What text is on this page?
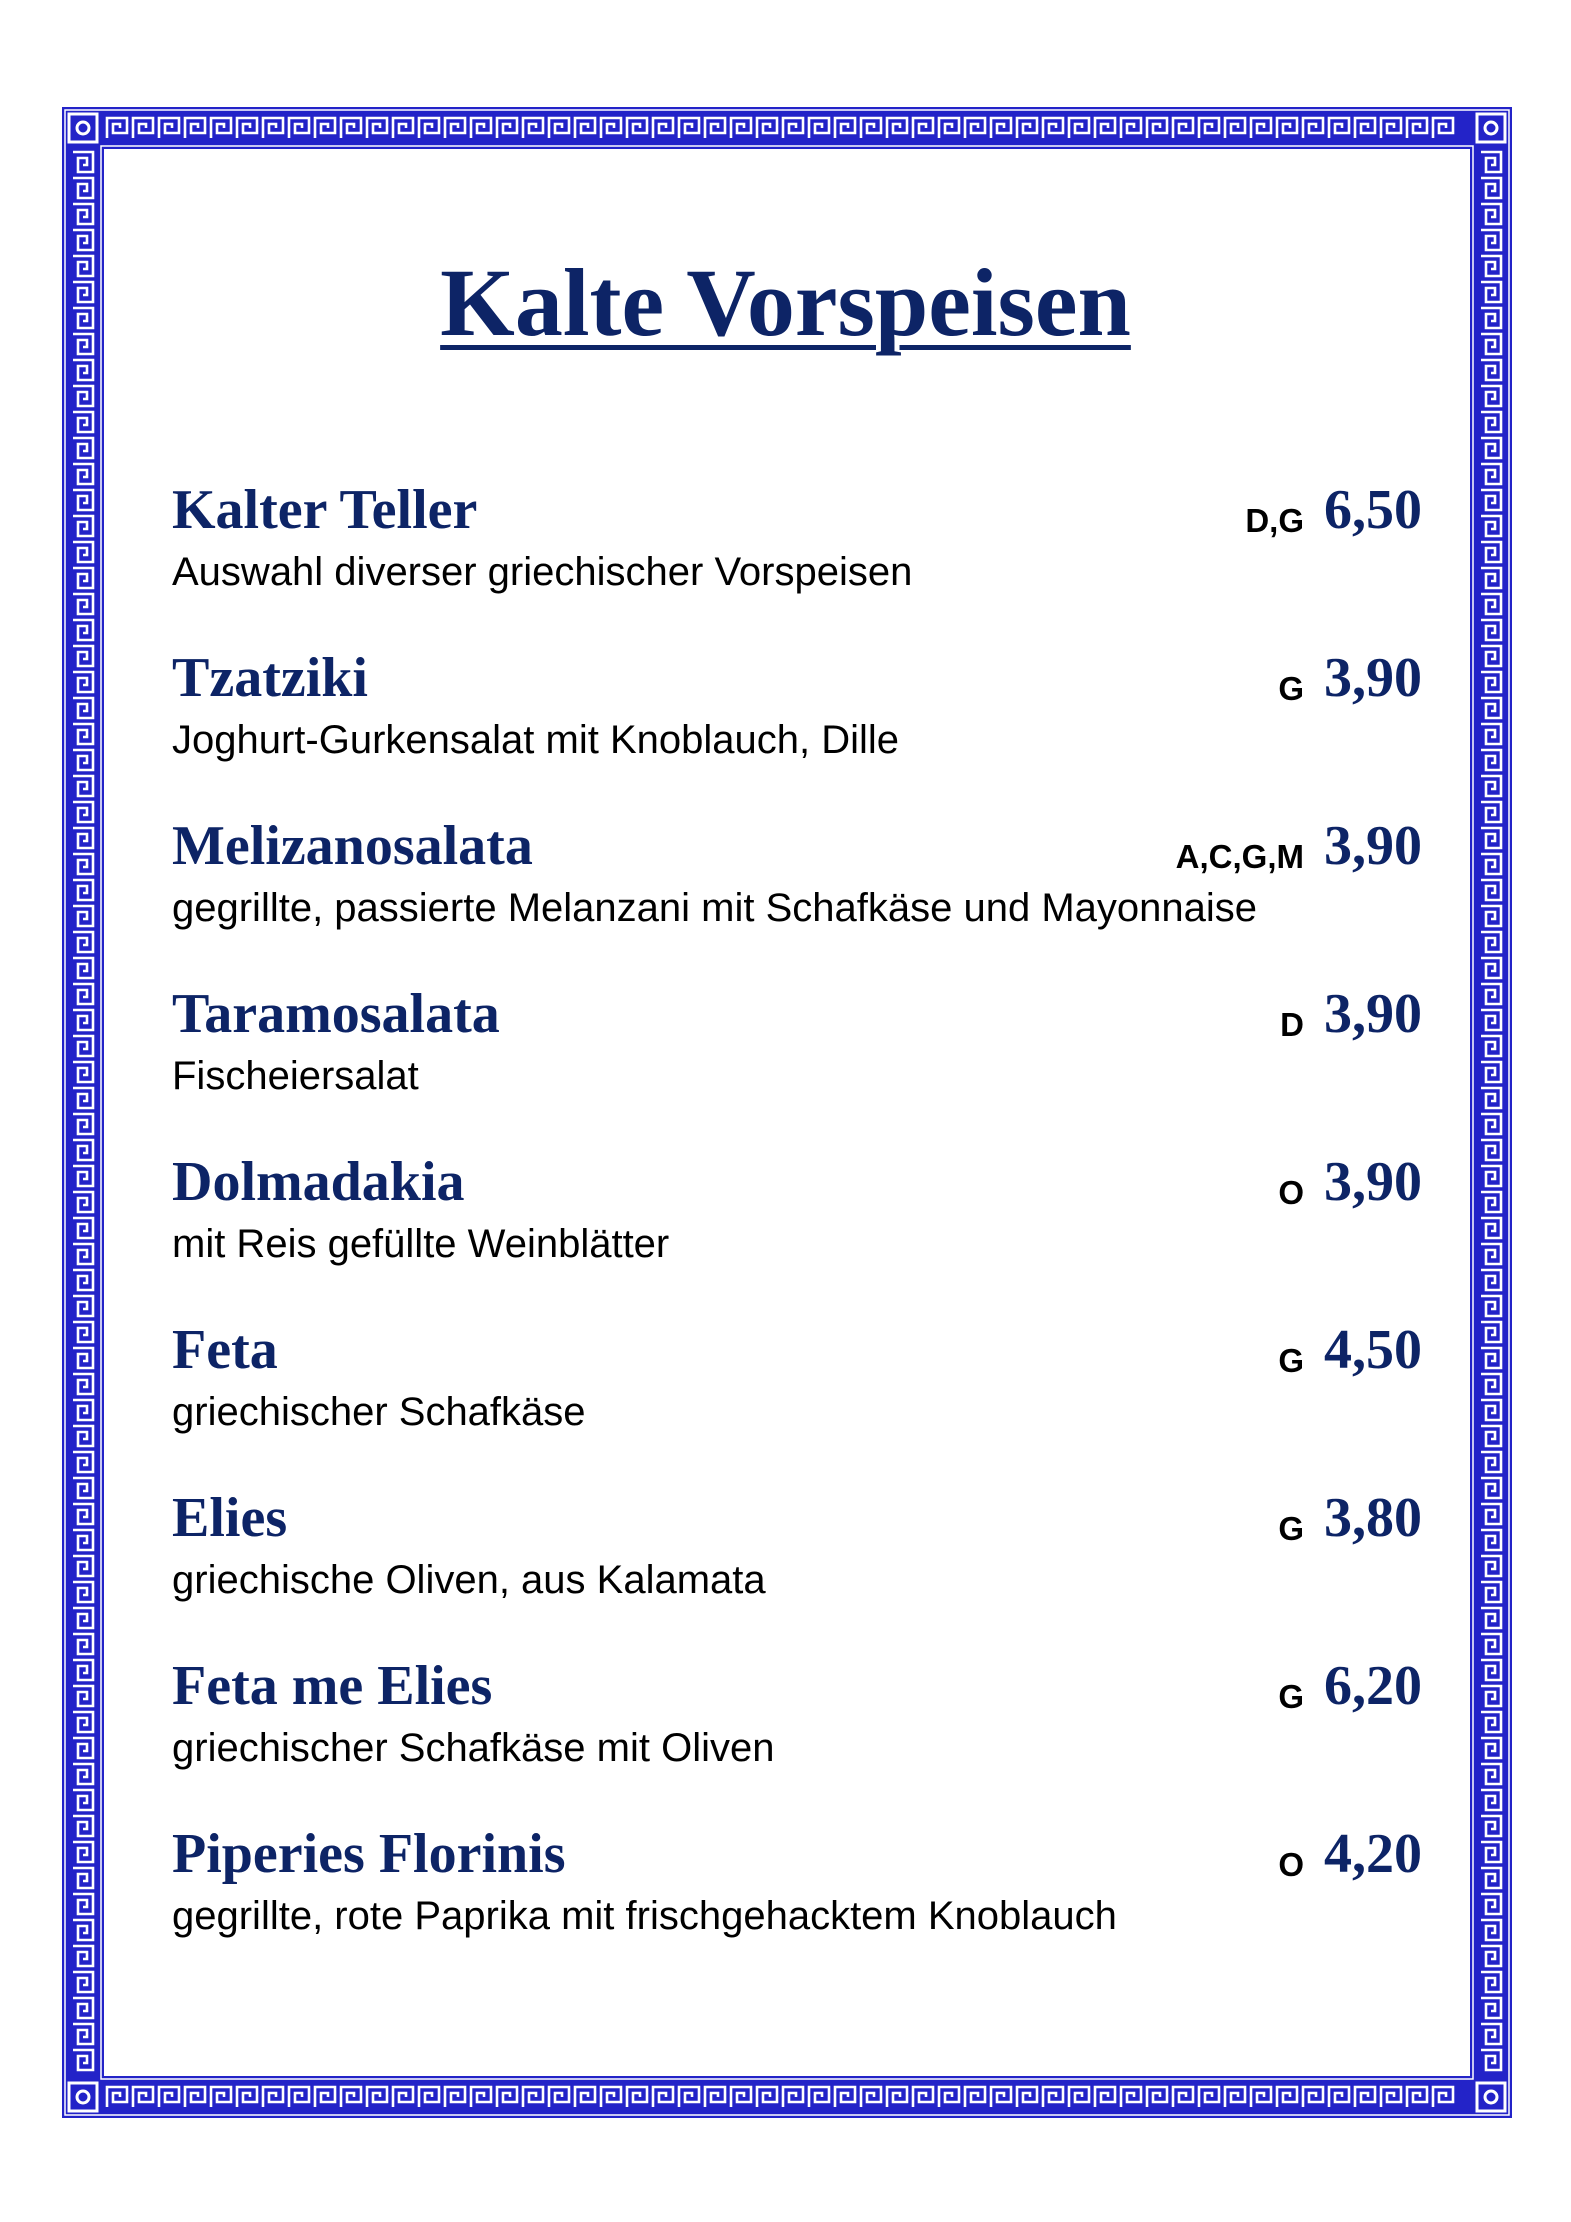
Kalte Vorspeisen
Kalter Teller	D,G 6,50
Auswahl diverser griechischer Vorspeisen
Tzatziki	G 3,90
Joghurt-Gurkensalat mit Knoblauch, Dille
Melizanosalata	A,C,G,M 3,90
gegrillte, passierte Melanzani mit Schafkäse und Mayonnaise
Taramosalata	D 3,90
Fischeiersalat
Dolmadakia	O 3,90
mit Reis gefüllte Weinblätter
Feta	G 4,50
griechischer Schafkäse
Elies	G 3,80
griechische Oliven, aus Kalamata
Feta me Elies	G 6,20
griechischer Schafkäse mit Oliven
Piperies Florinis	O 4,20
gegrillte, rote Paprika mit frischgehacktem Knoblauch
